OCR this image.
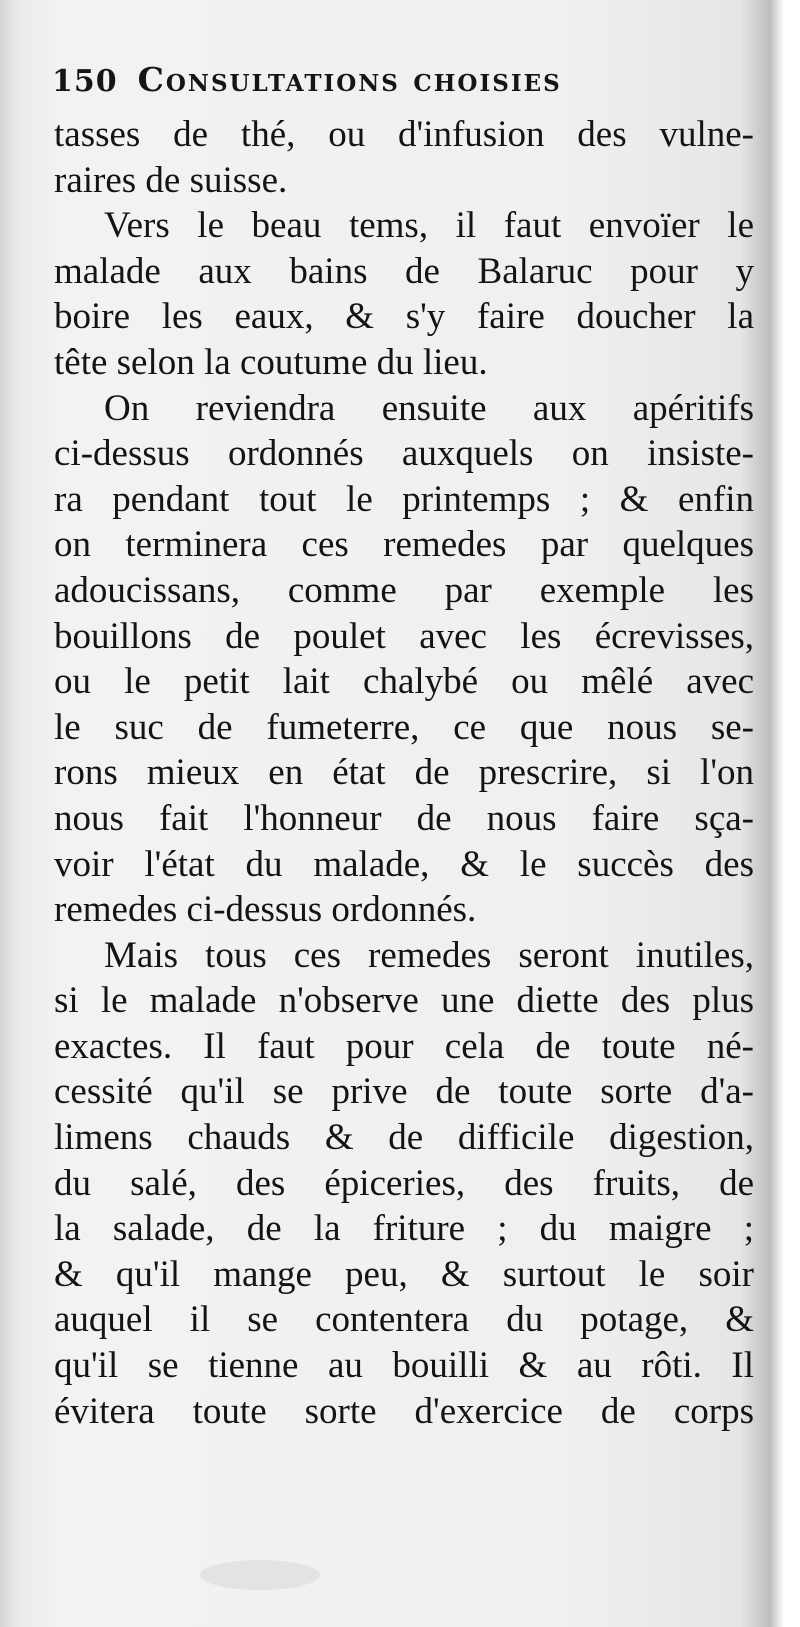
150 Consultations choisies
tasses de thé, ou d'infusion des vulne-
raires de suisse.
Vers le beau tems, il faut envoïer le
malade aux bains de Balaruc pour y
boire les eaux, & s'y faire doucher la
tête selon la coutume du lieu.
On reviendra ensuite aux apéritifs
ci-dessus ordonnés auxquels on insiste-
ra pendant tout le printemps ; & enfin
on terminera ces remedes par quelques
adoucissans, comme par exemple les
bouillons de poulet avec les écrevisses,
ou le petit lait chalybé ou mêlé avec
le suc de fumeterre, ce que nous se-
rons mieux en état de prescrire, si l'on
nous fait l'honneur de nous faire sça-
voir l'état du malade, & le succès des
remedes ci-dessus ordonnés.
Mais tous ces remedes seront inutiles,
si le malade n'observe une diette des plus
exactes. Il faut pour cela de toute né-
cessité qu'il se prive de toute sorte d'a-
limens chauds & de difficile digestion,
du salé, des épiceries, des fruits, de
la salade, de la friture ; du maigre ;
& qu'il mange peu, & surtout le soir
auquel il se contentera du potage, &
qu'il se tienne au bouilli & au rôti. Il
évitera toute sorte d'exercice de corps
